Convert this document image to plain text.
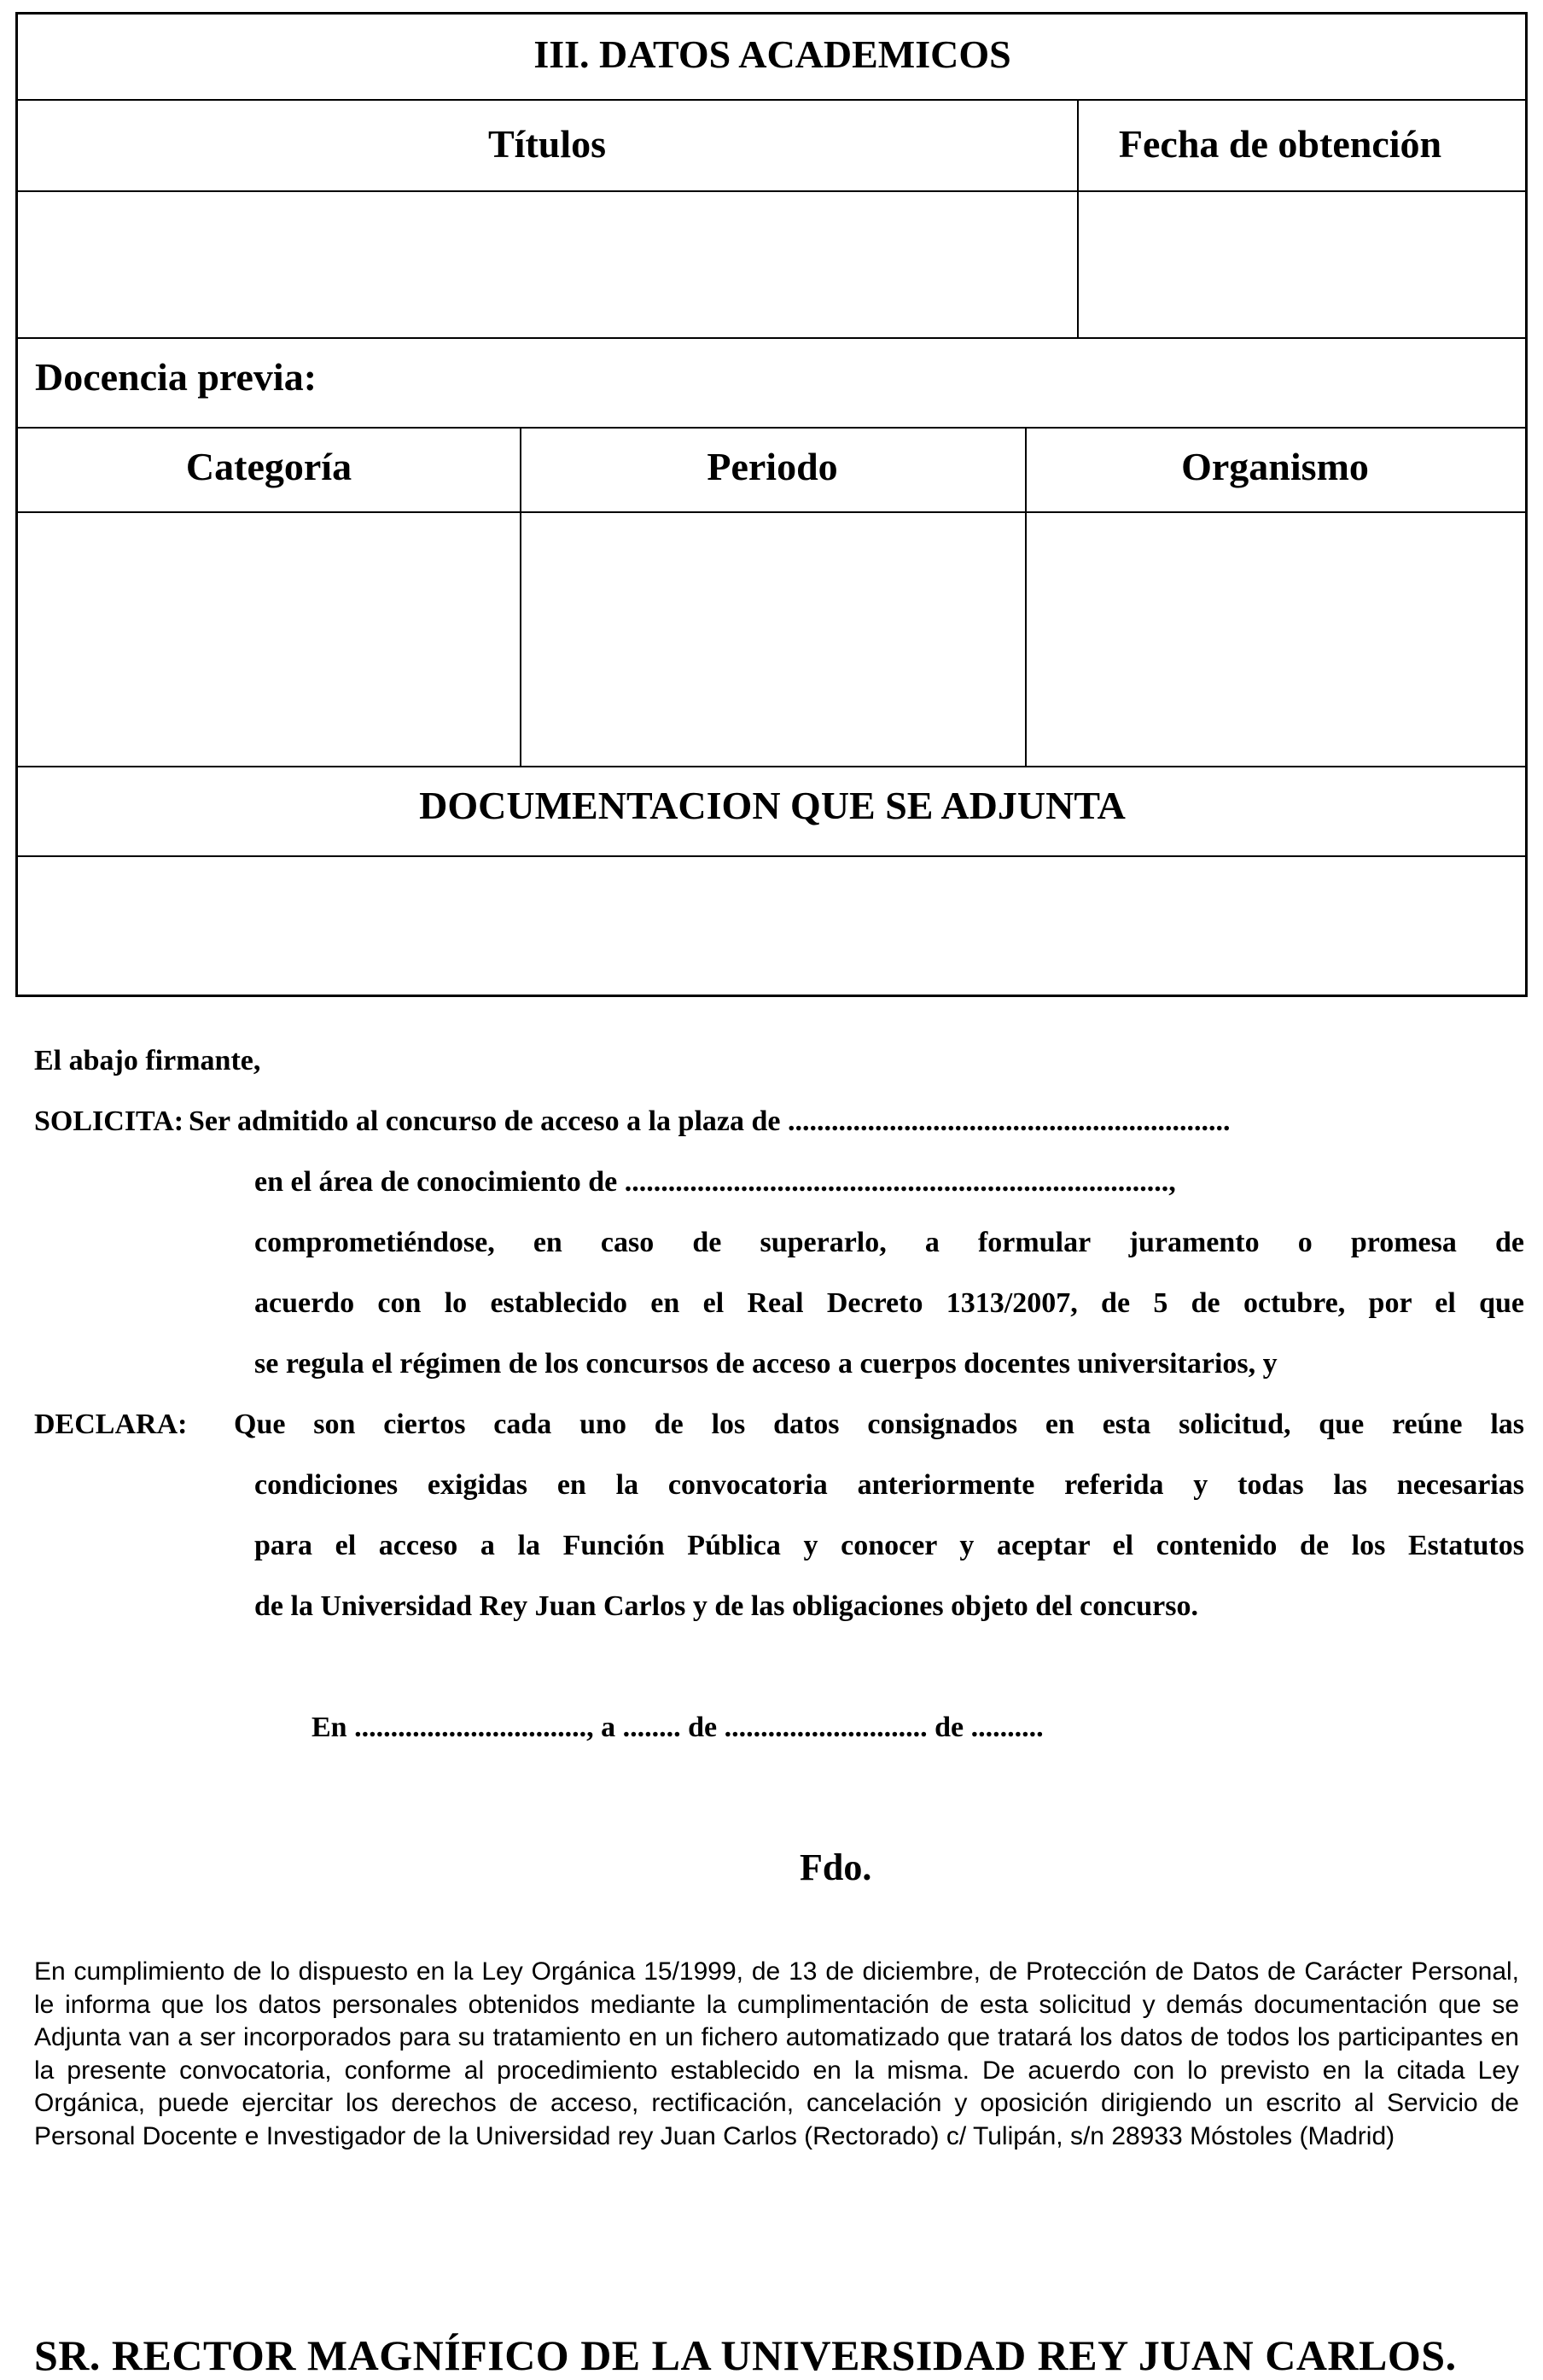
III. DATOS ACADEMICOS
Títulos	Fecha de obtención
Docencia previa:
Categoría	Periodo	Organismo
DOCUMENTACION QUE SE ADJUNTA
El abajo firmante,
SOLICITA: Ser admitido al concurso de acceso a la plaza de .............................................................
en el área de conocimiento de ...........................................................................,
comprometiéndose, en caso de superarlo, a formular juramento o promesa de
acuerdo con lo establecido en el Real Decreto 1313/2007, de 5 de octubre, por el que
se regula el régimen de los concursos de acceso a cuerpos docentes universitarios, y
DECLARA: Que son ciertos cada uno de los datos consignados en esta solicitud, que reúne las
condiciones exigidas en la convocatoria anteriormente referida y todas las necesarias
para el acceso a la Función Pública y conocer y aceptar el contenido de los Estatutos
de la Universidad Rey Juan Carlos y de las obligaciones objeto del concurso.
En ................................, a ........ de ............................ de ..........
Fdo.
En cumplimiento de lo dispuesto en la Ley Orgánica 15/1999, de 13 de diciembre, de Protección de Datos de Carácter Personal, le informa que los datos personales obtenidos mediante la cumplimentación de esta solicitud y demás documentación que se Adjunta van a ser incorporados para su tratamiento en un fichero automatizado que tratará los datos de todos los participantes en la presente convocatoria, conforme al procedimiento establecido en la misma. De acuerdo con lo previsto en la citada Ley Orgánica, puede ejercitar los derechos de acceso, rectificación, cancelación y oposición dirigiendo un escrito al Servicio de Personal Docente e Investigador de la Universidad rey Juan Carlos (Rectorado) c/ Tulipán, s/n 28933 Móstoles (Madrid)
SR. RECTOR MAGNÍFICO DE LA UNIVERSIDAD REY JUAN CARLOS.
